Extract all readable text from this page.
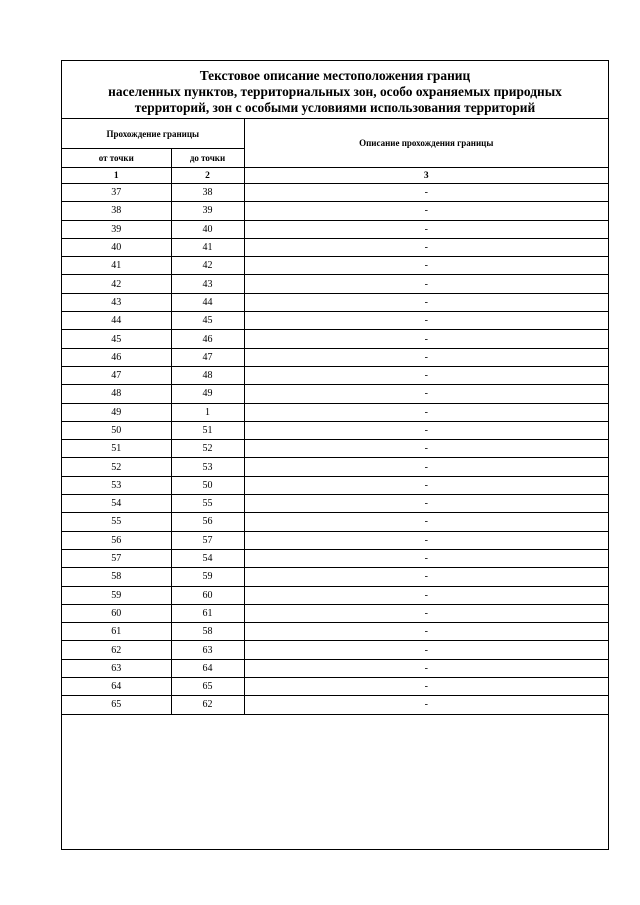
Текстовое описание местоположения границ
населенных пунктов, территориальных зон, особо охраняемых природных
территорий, зон с особыми условиями использования территорий
Прохождение границы		Описание прохождения границы
от точки	до точки	
1	2	3
37	38	-
38	39	-
39	40	-
40	41	-
41	42	-
42	43	-
43	44	-
44	45	-
45	46	-
46	47	-
47	48	-
48	49	-
49	1	-
50	51	-
51	52	-
52	53	-
53	50	-
54	55	-
55	56	-
56	57	-
57	54	-
58	59	-
59	60	-
60	61	-
61	58	-
62	63	-
63	64	-
64	65	-
65	62	-
